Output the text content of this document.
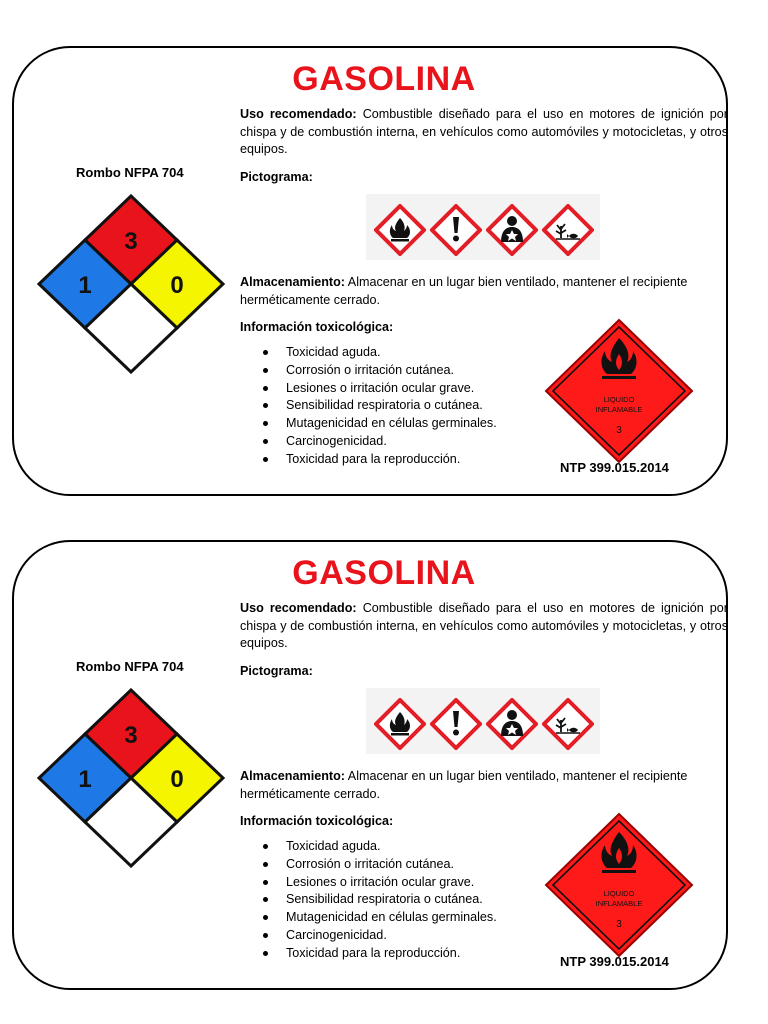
GASOLINA
Uso recomendado: Combustible diseñado para el uso en motores de ignición por chispa y de combustión interna, en vehículos como automóviles y motocicletas, y otros equipos.
Rombo NFPA 704
3
1	0
Pictograma:
Almacenamiento: Almacenar en un lugar bien ventilado, mantener el recipiente herméticamente cerrado.
Información toxicológica:
Toxicidad aguda.
Corrosión o irritación cutánea.
Lesiones o irritación ocular grave.
Sensibilidad respiratoria o cutánea.
Mutagenicidad en células germinales.
Carcinogenicidad.
Toxicidad para la reproducción.
LIQUIDO
INFLAMABLE
3
NTP 399.015.2014
GASOLINA
Uso recomendado: Combustible diseñado para el uso en motores de ignición por chispa y de combustión interna, en vehículos como automóviles y motocicletas, y otros equipos.
Rombo NFPA 704
3
1	0
Pictograma:
Almacenamiento: Almacenar en un lugar bien ventilado, mantener el recipiente herméticamente cerrado.
Información toxicológica:
Toxicidad aguda.
Corrosión o irritación cutánea.
Lesiones o irritación ocular grave.
Sensibilidad respiratoria o cutánea.
Mutagenicidad en células germinales.
Carcinogenicidad.
Toxicidad para la reproducción.
LIQUIDO
INFLAMABLE
3
NTP 399.015.2014
